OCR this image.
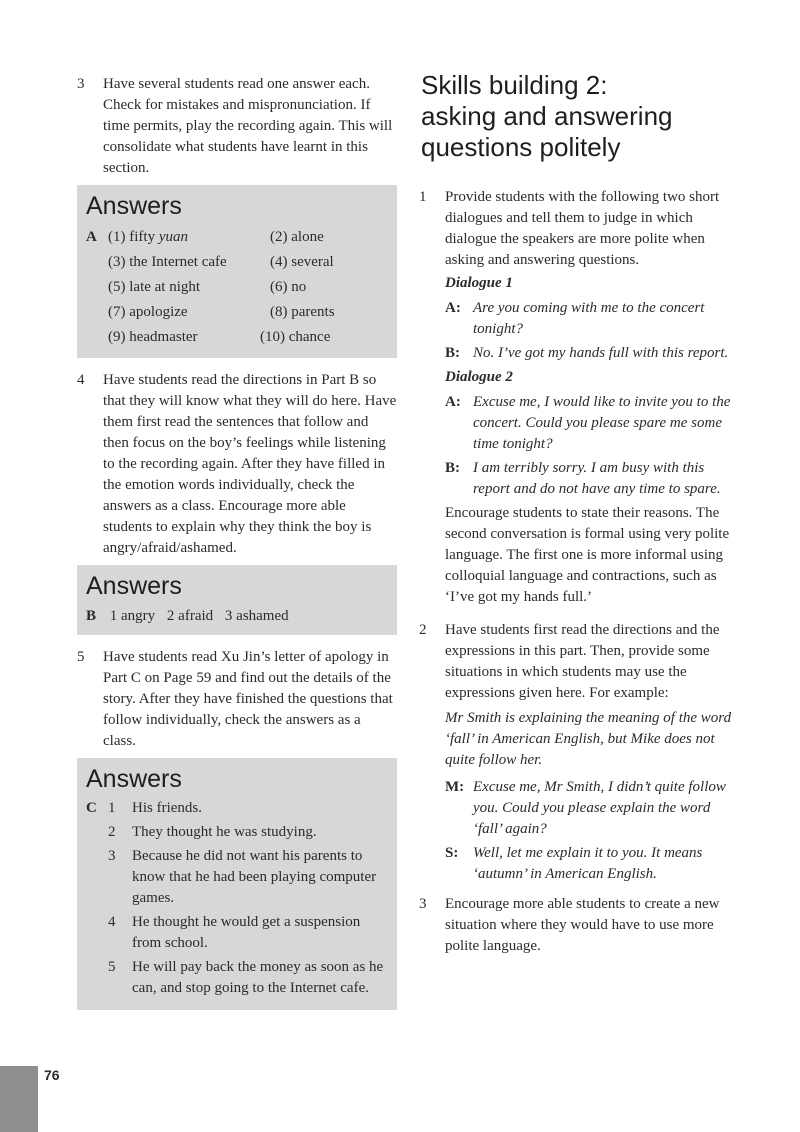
3	Have several students read one answer each. Check for mistakes and mispronunciation. If time permits, play the recording again. This will consolidate what students have learnt in this section.
Answers
A (1) fifty yuan	(2) alone
(3) the Internet cafe	(4) several
(5) late at night	(6) no
(7) apologize	(8) parents
(9) headmaster	(10) chance
4	Have students read the directions in Part B so that they will know what they will do here. Have them first read the sentences that follow and then focus on the boy’s feelings while listening to the recording again. After they have filled in the emotion words individually, check the answers as a class. Encourage more able students to explain why they think the boy is angry/afraid/ashamed.
Answers
B 1 angry 2 afraid 3 ashamed
5	Have students read Xu Jin’s letter of apology in Part C on Page 59 and find out the details of the story. After they have finished the questions that follow individually, check the answers as a class.
Answers
C 1	His friends.
2	They thought he was studying.
3	Because he did not want his parents to know that he had been playing computer games.
4	He thought he would get a suspension from school.
5	He will pay back the money as soon as he can, and stop going to the Internet cafe.
Skills building 2:
asking and answering
questions politely
1	Provide students with the following two short dialogues and tell them to judge in which dialogue the speakers are more polite when asking and answering questions.
Dialogue 1
A: Are you coming with me to the concert tonight?
B: No. I’ve got my hands full with this report.
Dialogue 2
A: Excuse me, I would like to invite you to the concert. Could you please spare me some time tonight?
B: I am terribly sorry. I am busy with this report and do not have any time to spare.
Encourage students to state their reasons. The second conversation is formal using very polite language. The first one is more informal using colloquial language and contractions, such as ‘I’ve got my hands full.’
2	Have students first read the directions and the expressions in this part. Then, provide some situations in which students may use the expressions given here. For example:
Mr Smith is explaining the meaning of the word ‘fall’ in American English, but Mike does not quite follow her.
M: Excuse me, Mr Smith, I didn’t quite follow you. Could you please explain the word ‘fall’ again?
S: Well, let me explain it to you. It means ‘autumn’ in American English.
3	Encourage more able students to create a new situation where they would have to use more polite language.
76
